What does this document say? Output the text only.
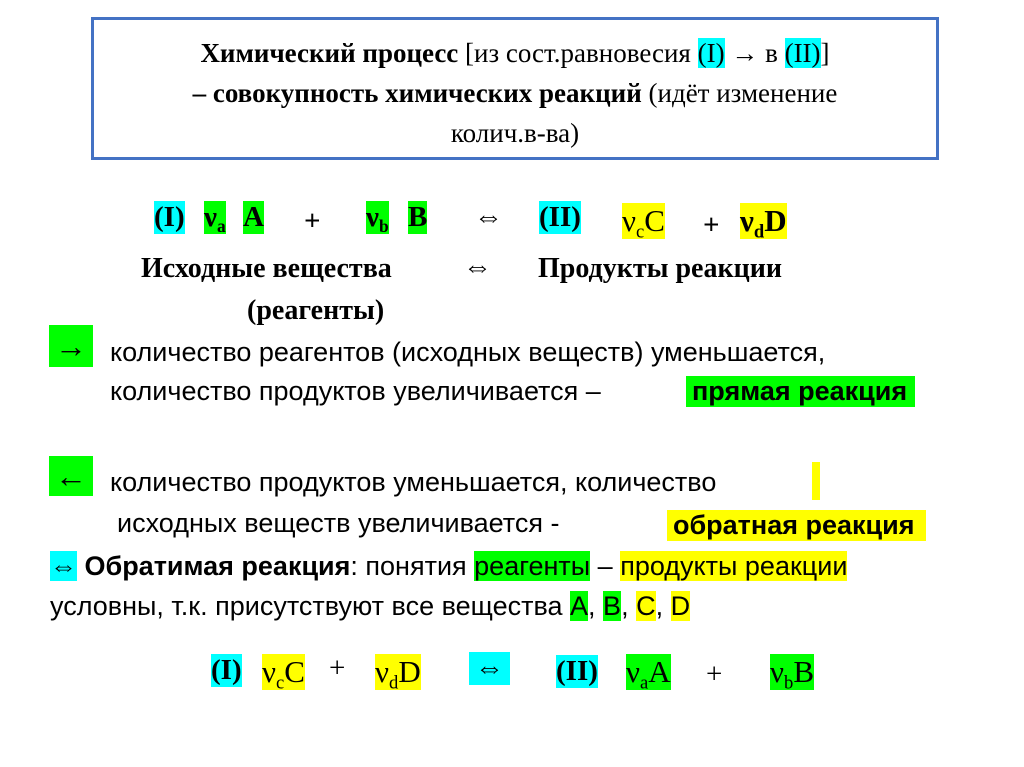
Химический процесс [из сост.равновесия (I) → в (II)]
– совокупность химических реакций (идёт изменение
колич.в-ва)
(I) $\nu_a$ $A + \nu_b$ B ⇔ (II) $\nu_cC + \nu_dD$
Исходные вещества ⇔ Продукты реакции
(реагенты)
→ количество реагентов (исходных веществ) уменьшается,
количество продуктов увеличивается –	прямая реакция
← количество продуктов уменьшается, количество
исходных веществ увеличивается -	обратная реакция
⇔ Обратимая реакция: понятия реагенты – продукты реакции
условны, т.к. присутствуют все вещества A, B, C, D
(I) $\nu_cC + \nu_dD$ ⇔ (II) $\nu_aA + \nu_bB$
